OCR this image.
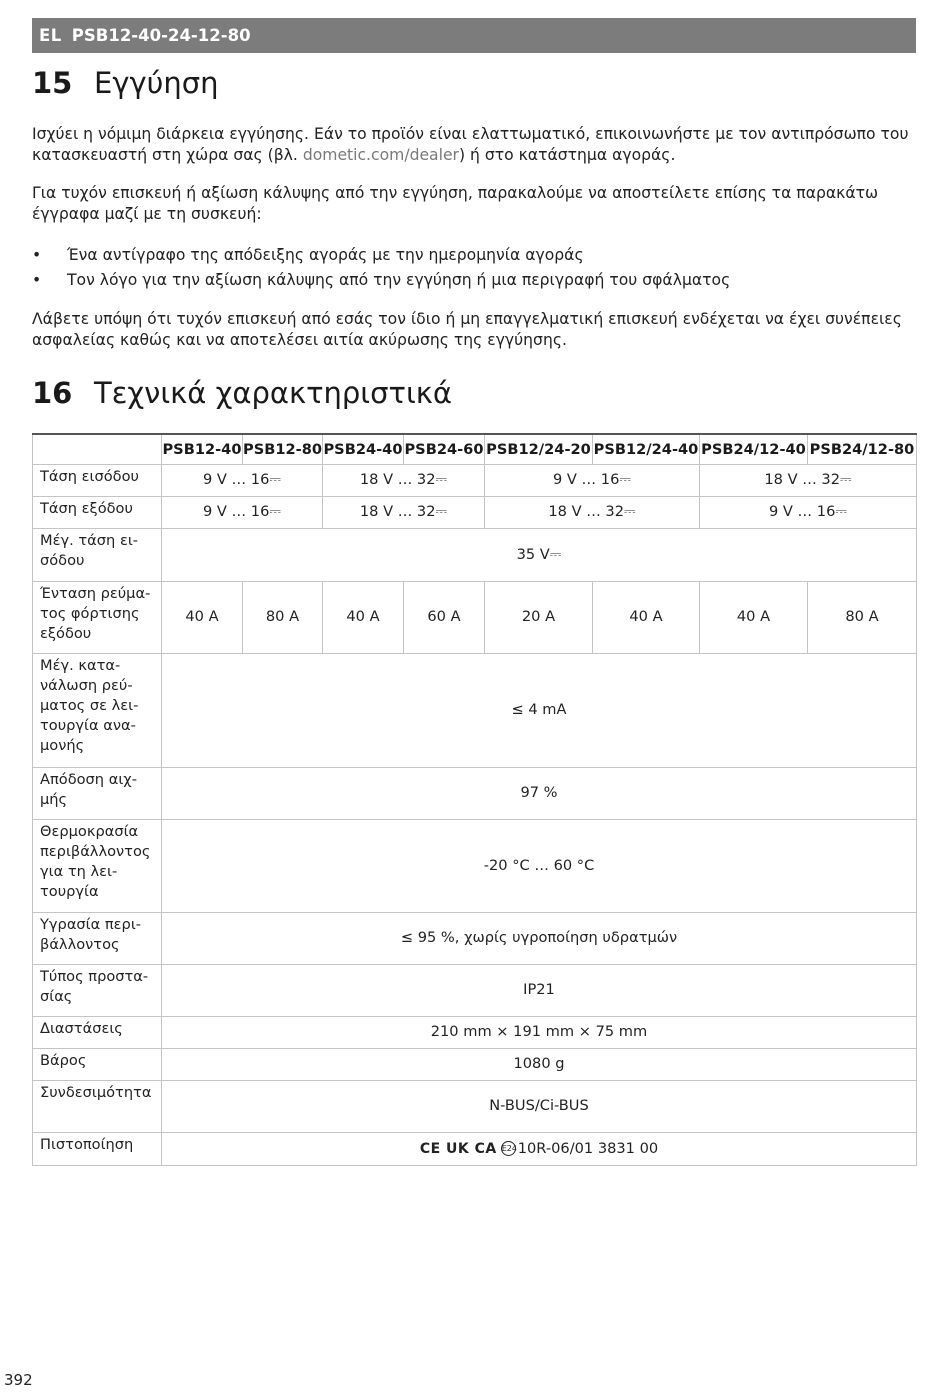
EL PSB12-40-24-12-80
15 Εγγύηση

Ισχύει η νόμιμη διάρκεια εγγύησης. Εάν το προϊόν είναι ελαττωματικό, επικοινωνήστε με τον αντιπρόσωπο του κατασκευαστή στη χώρα σας (βλ. dometic.com/dealer) ή στο κατάστημα αγοράς.

Για τυχόν επισκευή ή αξίωση κάλυψης από την εγγύηση, παρακαλούμε να αποστείλετε επίσης τα παρακάτω έγγραφα μαζί με τη συσκευή:

• Ένα αντίγραφο της απόδειξης αγοράς με την ημερομηνία αγοράς
• Τον λόγο για την αξίωση κάλυψης από την εγγύηση ή μια περιγραφή του σφάλματος

Λάβετε υπόψη ότι τυχόν επισκευή από εσάς τον ίδιο ή μη επαγγελματική επισκευή ενδέχεται να έχει συνέπειες ασφαλείας καθώς και να αποτελέσει αιτία ακύρωσης της εγγύησης.

16 Τεχνικά χαρακτηριστικά
	PSB12-40	PSB12-80	PSB24-40	PSB24-60	PSB12/24-20	PSB12/24-40	PSB24/12-40	PSB24/12-80
Τάση εισόδου	9 V … 16⎓		18 V … 32⎓		9 V … 16⎓		18 V … 32⎓	
Τάση εξόδου	9 V … 16⎓		18 V … 32⎓		18 V … 32⎓		9 V … 16⎓	
Μέγ. τάση εισόδου	35 V⎓							
Ένταση ρεύματος φόρτισης εξόδου	40 A	80 A	40 A	60 A	20 A	40 A	40 A	80 A
Μέγ. κατανάλωση ρεύματος σε λειτουργία αναμονής	≤ 4 mA							
Απόδοση αιχμής	97 %							
Θερμοκρασία περιβάλλοντος για τη λειτουργία	-20 °C … 60 °C							
Υγρασία περιβάλλοντος	≤ 95 %, χωρίς υγροποίηση υδρατμών							
Τύπος προστασίας	IP21							
Διαστάσεις	210 mm × 191 mm × 75 mm							
Βάρος	1080 g							
Συνδεσιμότητα	N-BUS/Ci-BUS							
Πιστοποίηση	CE UK CA E2410R-06/01 3831 00							
392
